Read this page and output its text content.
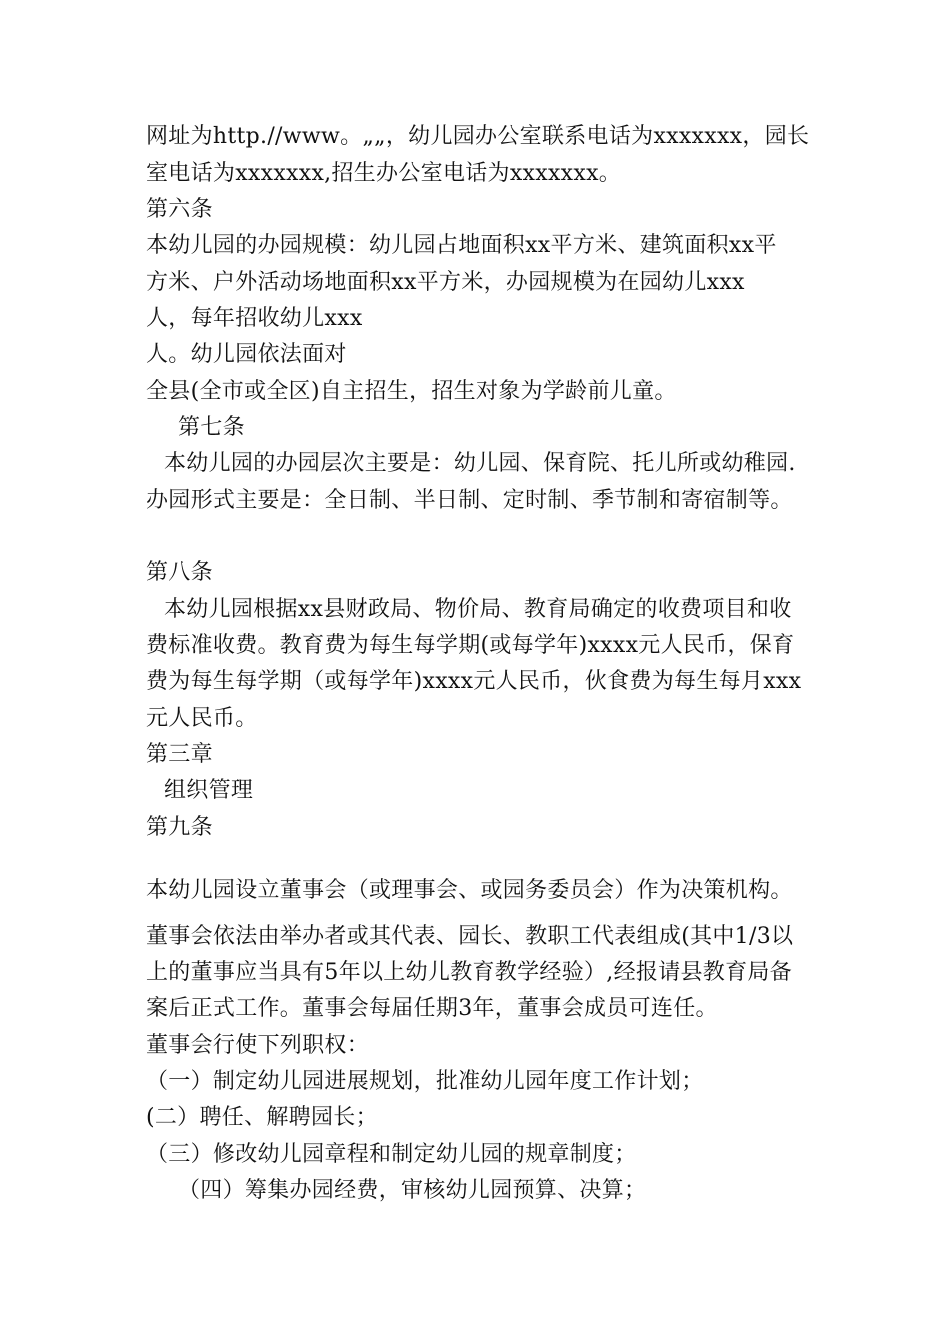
网址为http.//www。„„，幼儿园办公室联系电话为xxxxxxx，园长
室电话为xxxxxxx,招生办公室电话为xxxxxxx。
第六条
本幼儿园的办园规模：幼儿园占地面积xx平方米、建筑面积xx平
方米、户外活动场地面积xx平方米，办园规模为在园幼儿xxx
人，每年招收幼儿xxx
人。幼儿园依法面对
全县(全市或全区)自主招生，招生对象为学龄前儿童。
第七条
本幼儿园的办园层次主要是：幼儿园、保育院、托儿所或幼稚园.
办园形式主要是：全日制、半日制、定时制、季节制和寄宿制等。
第八条
本幼儿园根据xx县财政局、物价局、教育局确定的收费项目和收
费标准收费。教育费为每生每学期(或每学年)xxxx元人民币，保育
费为每生每学期（或每学年)xxxx元人民币，伙食费为每生每月xxx
元人民币。
第三章
组织管理
第九条
本幼儿园设立董事会（或理事会、或园务委员会）作为决策机构。
董事会依法由举办者或其代表、园长、教职工代表组成(其中1/3以
上的董事应当具有5年以上幼儿教育教学经验）,经报请县教育局备
案后正式工作。董事会每届任期3年，董事会成员可连任。
董事会行使下列职权：
（一）制定幼儿园进展规划，批准幼儿园年度工作计划；
(二）聘任、解聘园长；
（三）修改幼儿园章程和制定幼儿园的规章制度；
（四）筹集办园经费，审核幼儿园预算、决算；
